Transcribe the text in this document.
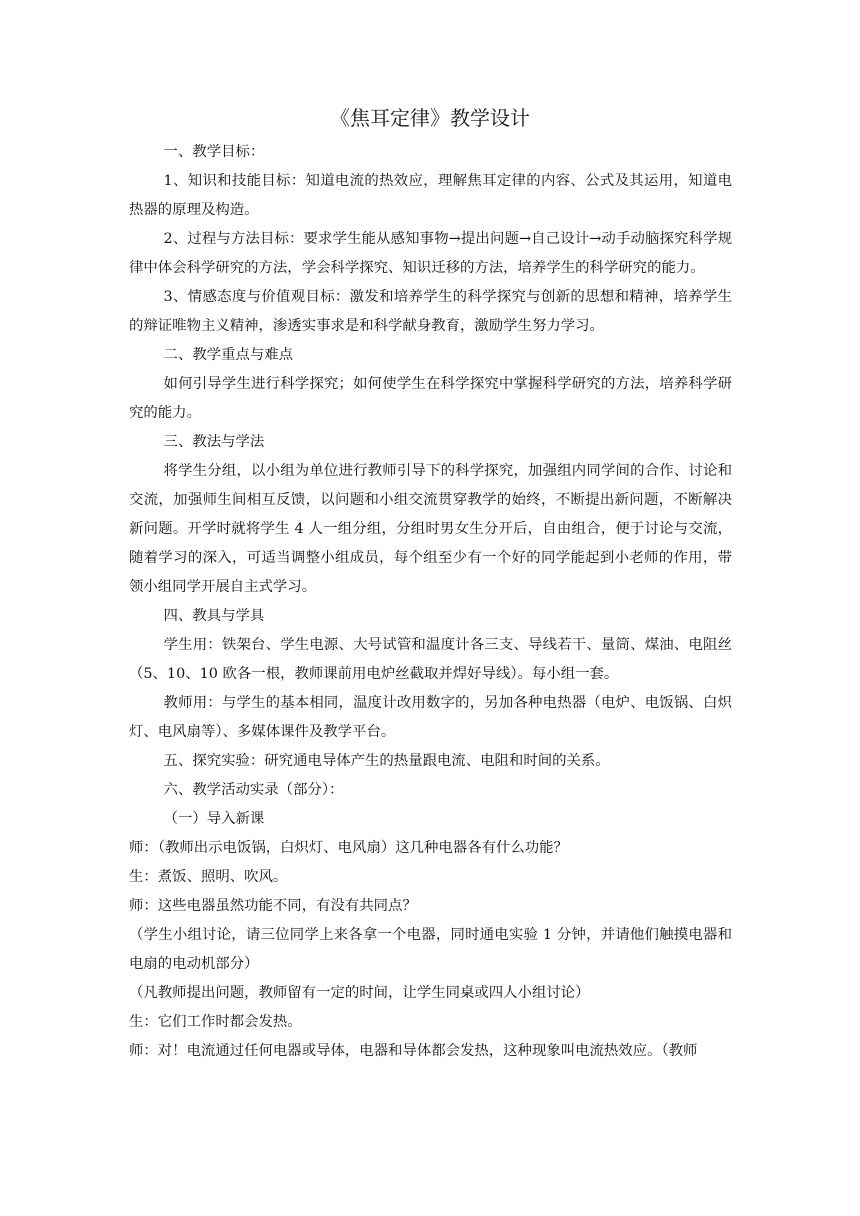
《焦耳定律》教学设计

一、教学目标：

1、知识和技能目标：知道电流的热效应，理解焦耳定律的内容、公式及其运用，知道电热器的原理及构造。

2、过程与方法目标：要求学生能从感知事物→提出问题→自己设计→动手动脑探究科学规律中体会科学研究的方法，学会科学探究、知识迁移的方法，培养学生的科学研究的能力。

3、情感态度与价值观目标：激发和培养学生的科学探究与创新的思想和精神，培养学生的辩证唯物主义精神，渗透实事求是和科学献身教育，激励学生努力学习。

二、教学重点与难点

如何引导学生进行科学探究；如何使学生在科学探究中掌握科学研究的方法，培养科学研究的能力。

三、教法与学法

将学生分组，以小组为单位进行教师引导下的科学探究，加强组内同学间的合作、讨论和交流，加强师生间相互反馈，以问题和小组交流贯穿教学的始终，不断提出新问题，不断解决新问题。开学时就将学生 4 人一组分组，分组时男女生分开后，自由组合，便于讨论与交流，随着学习的深入，可适当调整小组成员，每个组至少有一个好的同学能起到小老师的作用，带领小组同学开展自主式学习。

四、教具与学具

学生用：铁架台、学生电源、大号试管和温度计各三支、导线若干、量筒、煤油、电阻丝（5、10、10 欧各一根，教师课前用电炉丝截取并焊好导线）。每小组一套。

教师用：与学生的基本相同，温度计改用数字的，另加各种电热器（电炉、电饭锅、白炽灯、电风扇等）、多媒体课件及教学平台。

五、探究实验：研究通电导体产生的热量跟电流、电阻和时间的关系。

六、教学活动实录（部分）：

（一）导入新课

师：（教师出示电饭锅，白炽灯、电风扇）这几种电器各有什么功能？

生：煮饭、照明、吹风。

师：这些电器虽然功能不同，有没有共同点？

（学生小组讨论，请三位同学上来各拿一个电器，同时通电实验 1 分钟，并请他们触摸电器和电扇的电动机部分）

（凡教师提出问题，教师留有一定的时间，让学生同桌或四人小组讨论）

生：它们工作时都会发热。

师：对！电流通过任何电器或导体，电器和导体都会发热，这种现象叫电流热效应。（教师
